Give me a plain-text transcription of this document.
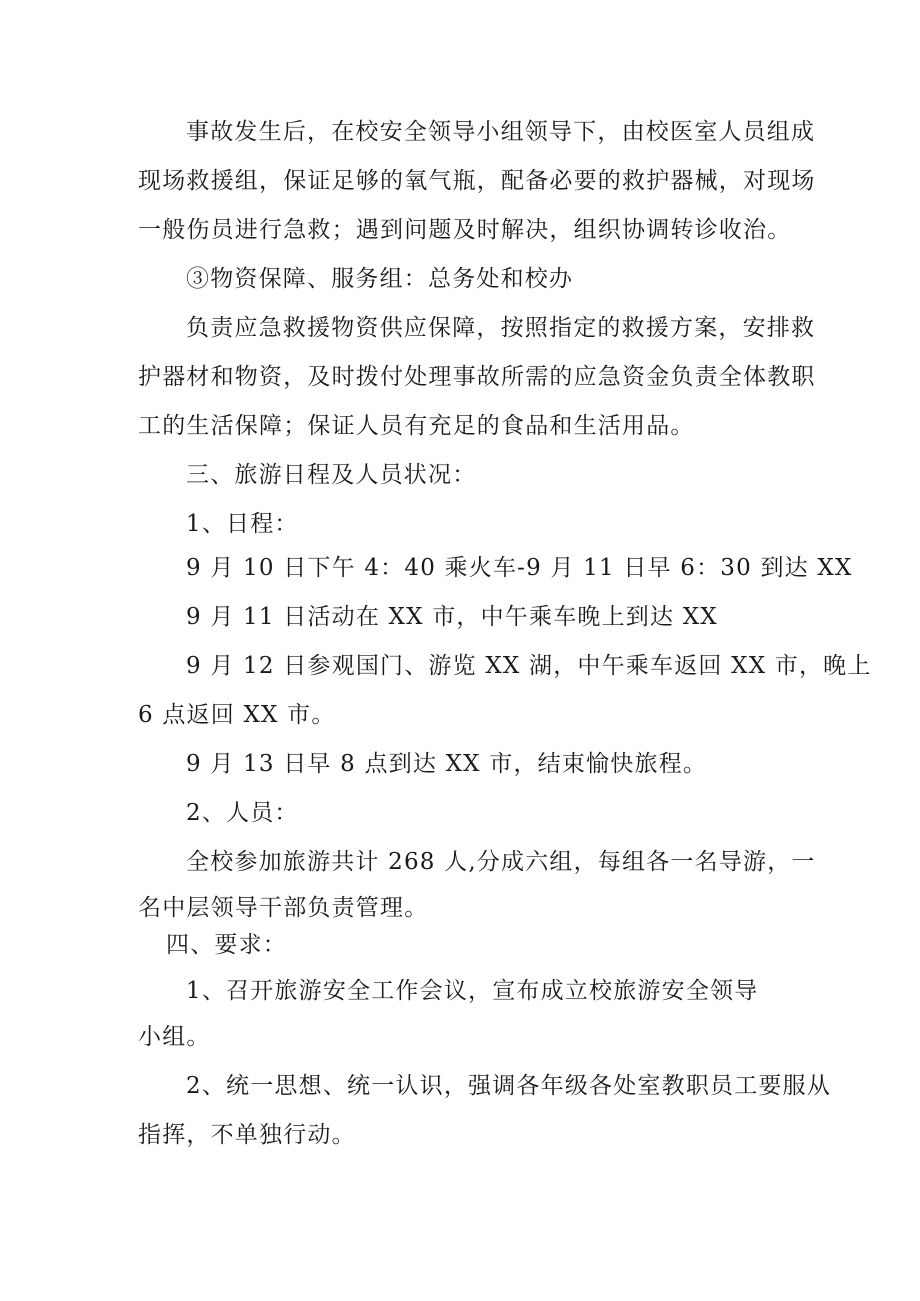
事故发生后，在校安全领导小组领导下，由校医室人员组成
现场救援组，保证足够的氧气瓶，配备必要的救护器械，对现场
一般伤员进行急救；遇到问题及时解决，组织协调转诊收治。
③物资保障、服务组：总务处和校办
负责应急救援物资供应保障，按照指定的救援方案，安排救
护器材和物资，及时拨付处理事故所需的应急资金负责全体教职
工的生活保障；保证人员有充足的食品和生活用品。
三、旅游日程及人员状况：
1、日程：
9 月 10 日下午 4：40 乘火车-9 月 11 日早 6：30 到达 XX
9 月 11 日活动在 XX 市，中午乘车晚上到达 XX
9 月 12 日参观国门、游览 XX 湖，中午乘车返回 XX 市，晚上
6 点返回 XX 市。
9 月 13 日早 8 点到达 XX 市，结束愉快旅程。
2、人员：
全校参加旅游共计 268 人,分成六组，每组各一名导游，一
名中层领导干部负责管理。
四、要求：
1、召开旅游安全工作会议，宣布成立校旅游安全领导
小组。
2、统一思想、统一认识，强调各年级各处室教职员工要服从
指挥，不单独行动。
